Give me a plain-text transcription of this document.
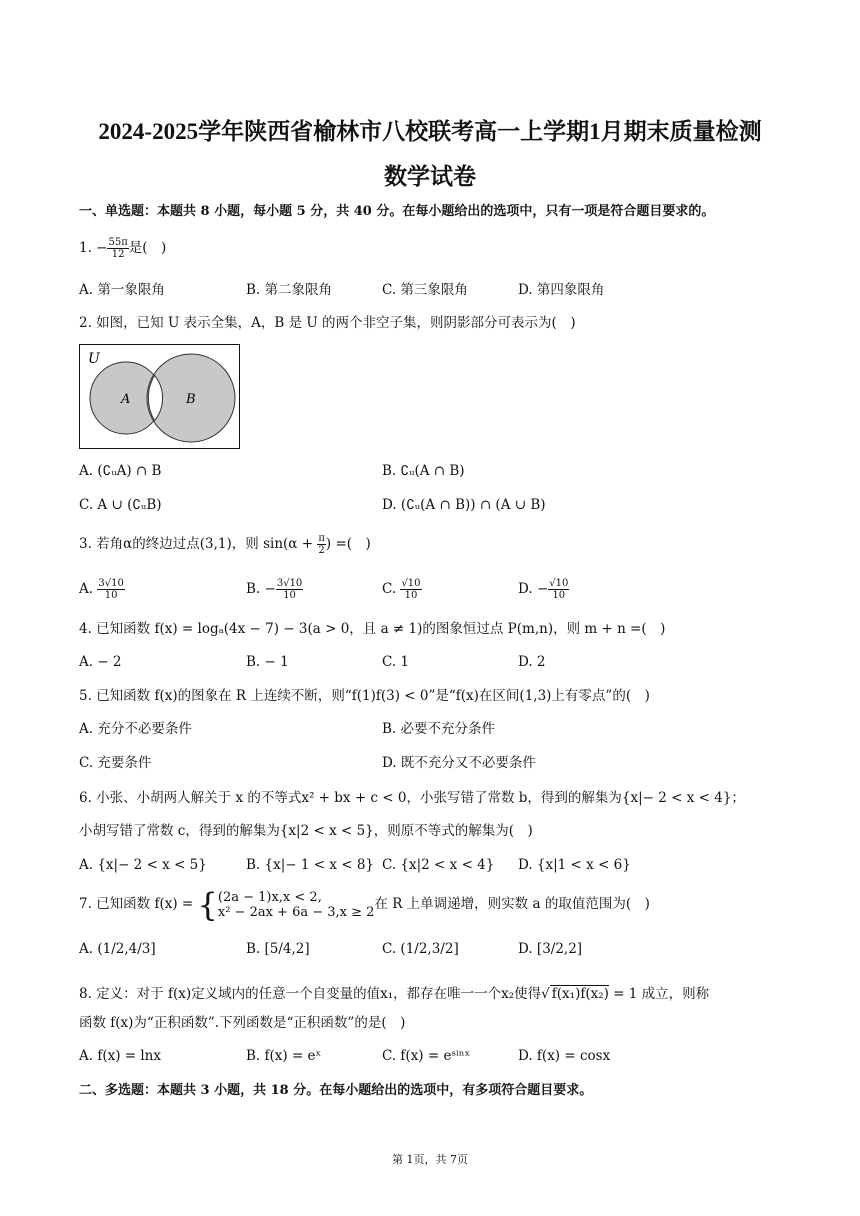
2024-2025学年陕西省榆林市八校联考高一上学期1月期末质量检测
数学试卷
一、单选题：本题共 8 小题，每小题 5 分，共 40 分。在每小题给出的选项中，只有一项是符合题目要求的。
1. − $\frac{55\pi}{12}$ 是(　)
A. 第一象限角	B. 第二象限角	C. 第三象限角	D. 第四象限角
2. 如图，已知 U 表示全集，A，B 是 U 的两个非空子集，则阴影部分可表示为(　)
U
A	B
A. (∁ᵤA) ∩ B	B. ∁ᵤ(A ∩ B)
C. A ∪ (∁ᵤB)	D. (∁ᵤ(A ∩ B)) ∩ (A ∪ B)
3. 若角α的终边过点(3,1)，则 $\sin(\alpha + \frac{\pi}{2}$ ) =(　)
A. $\frac{3√10}{10}$	B. − $\frac{3√10}{10}$	C. $\frac{√10}{10}$	D. − $\frac{√10}{10}$
4. 已知函数 f(x) = logₐ(4x − 7) − 3(a > 0，且 a ≠ 1)的图象恒过点 P(m,n)，则 m + n =(　)
A. − 2	B. − 1	C. 1	D. 2
5. 已知函数 f(x)的图象在 R 上连续不断，则“f(1)f(3) < 0”是“f(x)在区间(1,3)上有零点”的(　)
A. 充分不必要条件	B. 必要不充分条件
C. 充要条件	D. 既不充分又不必要条件
6. 小张、小胡两人解关于 x 的不等式x² + bx + c < 0，小张写错了常数 b，得到的解集为{x|− 2 < x < 4}；
小胡写错了常数 c，得到的解集为{x|2 < x < 5}，则原不等式的解集为(　)
A. {x|− 2 < x < 5}	B. {x|− 1 < x < 8} C. {x|2 < x < 4} D. {x|1 < x < 6}
7. 已知函数 f(x) = { (2a − 1)x,x < 2,
x² − 2ax + 6a − 3,x ≥ 2 在 R 上单调递增，则实数 a 的取值范围为(　)
A. (1/2,4/3]	B. [5/4,2]	C. (1/2,3/2]	D. [3/2,2]
8. 定义：对于 f(x)定义域内的任意一个自变量的值x₁，都存在唯一一个x₂使得√ f(x₁)f(x₂) = 1 成立，则称
函数 f(x)为“正积函数”.下列函数是“正积函数”的是(　)
A. f(x) = lnx	B. f(x) = eˣ	C. f(x) = eˢⁱⁿˣ	D. f(x) = cosx
二、多选题：本题共 3 小题，共 18 分。在每小题给出的选项中，有多项符合题目要求。
第 1页，共 7页
